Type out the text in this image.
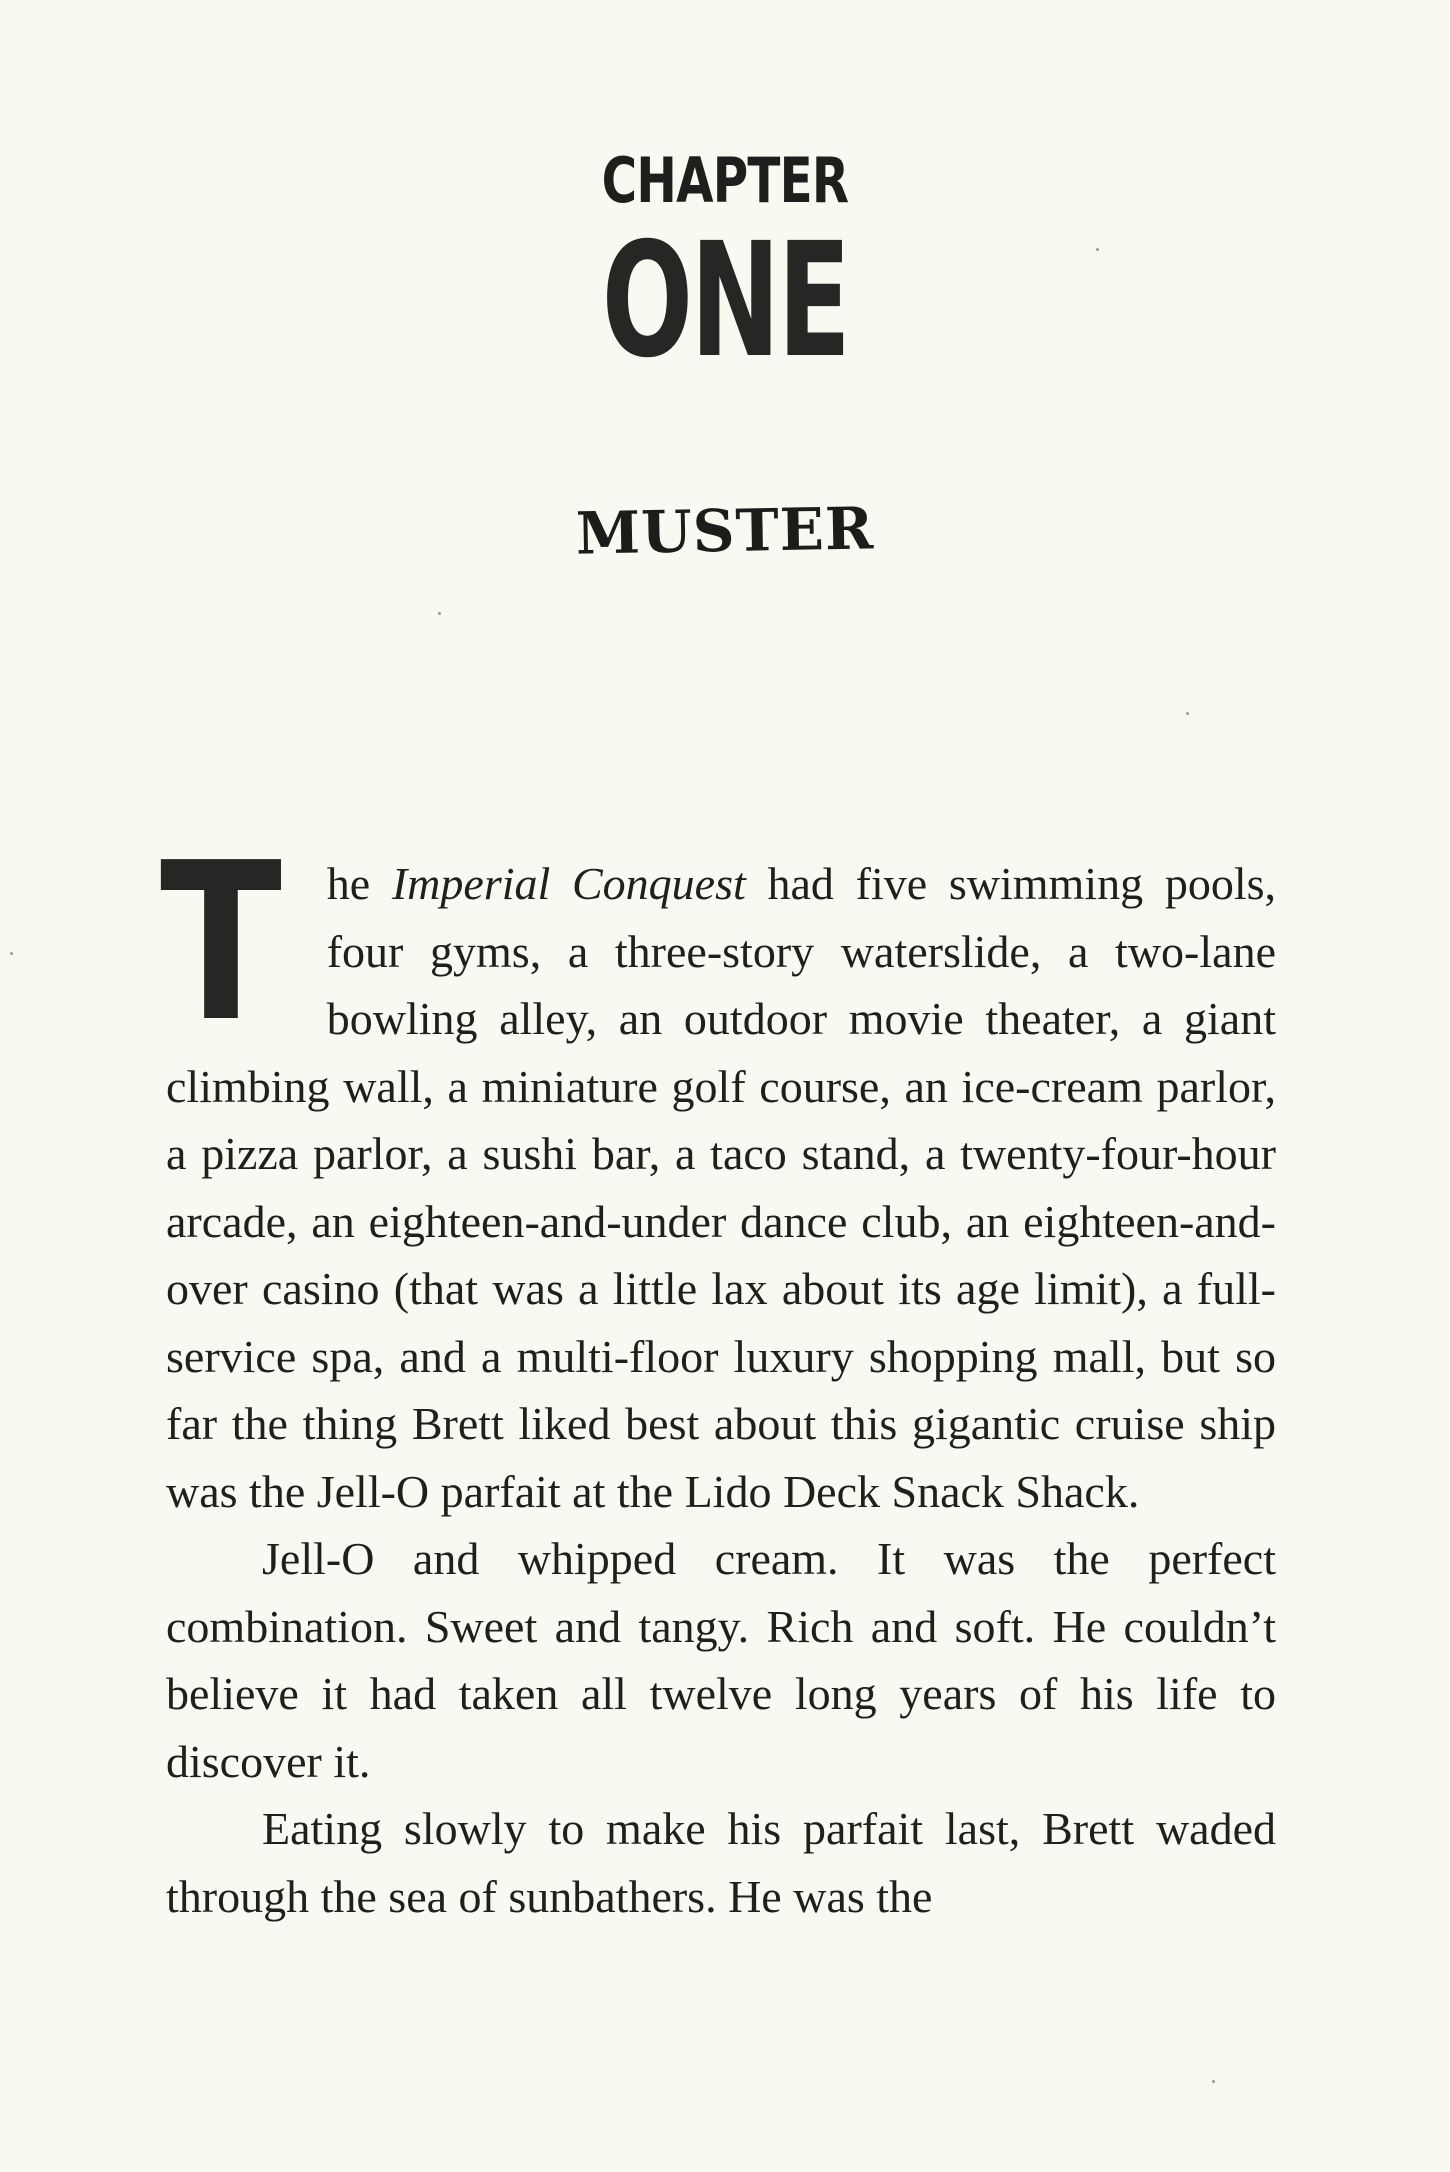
CHAPTER
ONE
MUSTER

The Imperial Conquest had five swimming pools, four gyms, a three-story waterslide, a two-lane bowling alley, an outdoor movie theater, a giant climbing wall, a miniature golf course, an ice-cream parlor, a pizza parlor, a sushi bar, a taco stand, a twenty-four-hour arcade, an eighteen-and-under dance club, an eighteen-and-over casino (that was a little lax about its age limit), a full-service spa, and a multi-floor luxury shopping mall, but so far the thing Brett liked best about this gigantic cruise ship was the Jell-O parfait at the Lido Deck Snack Shack.

Jell-O and whipped cream. It was the perfect combination. Sweet and tangy. Rich and soft. He couldn’t believe it had taken all twelve long years of his life to discover it.

Eating slowly to make his parfait last, Brett waded through the sea of sunbathers. He was the
